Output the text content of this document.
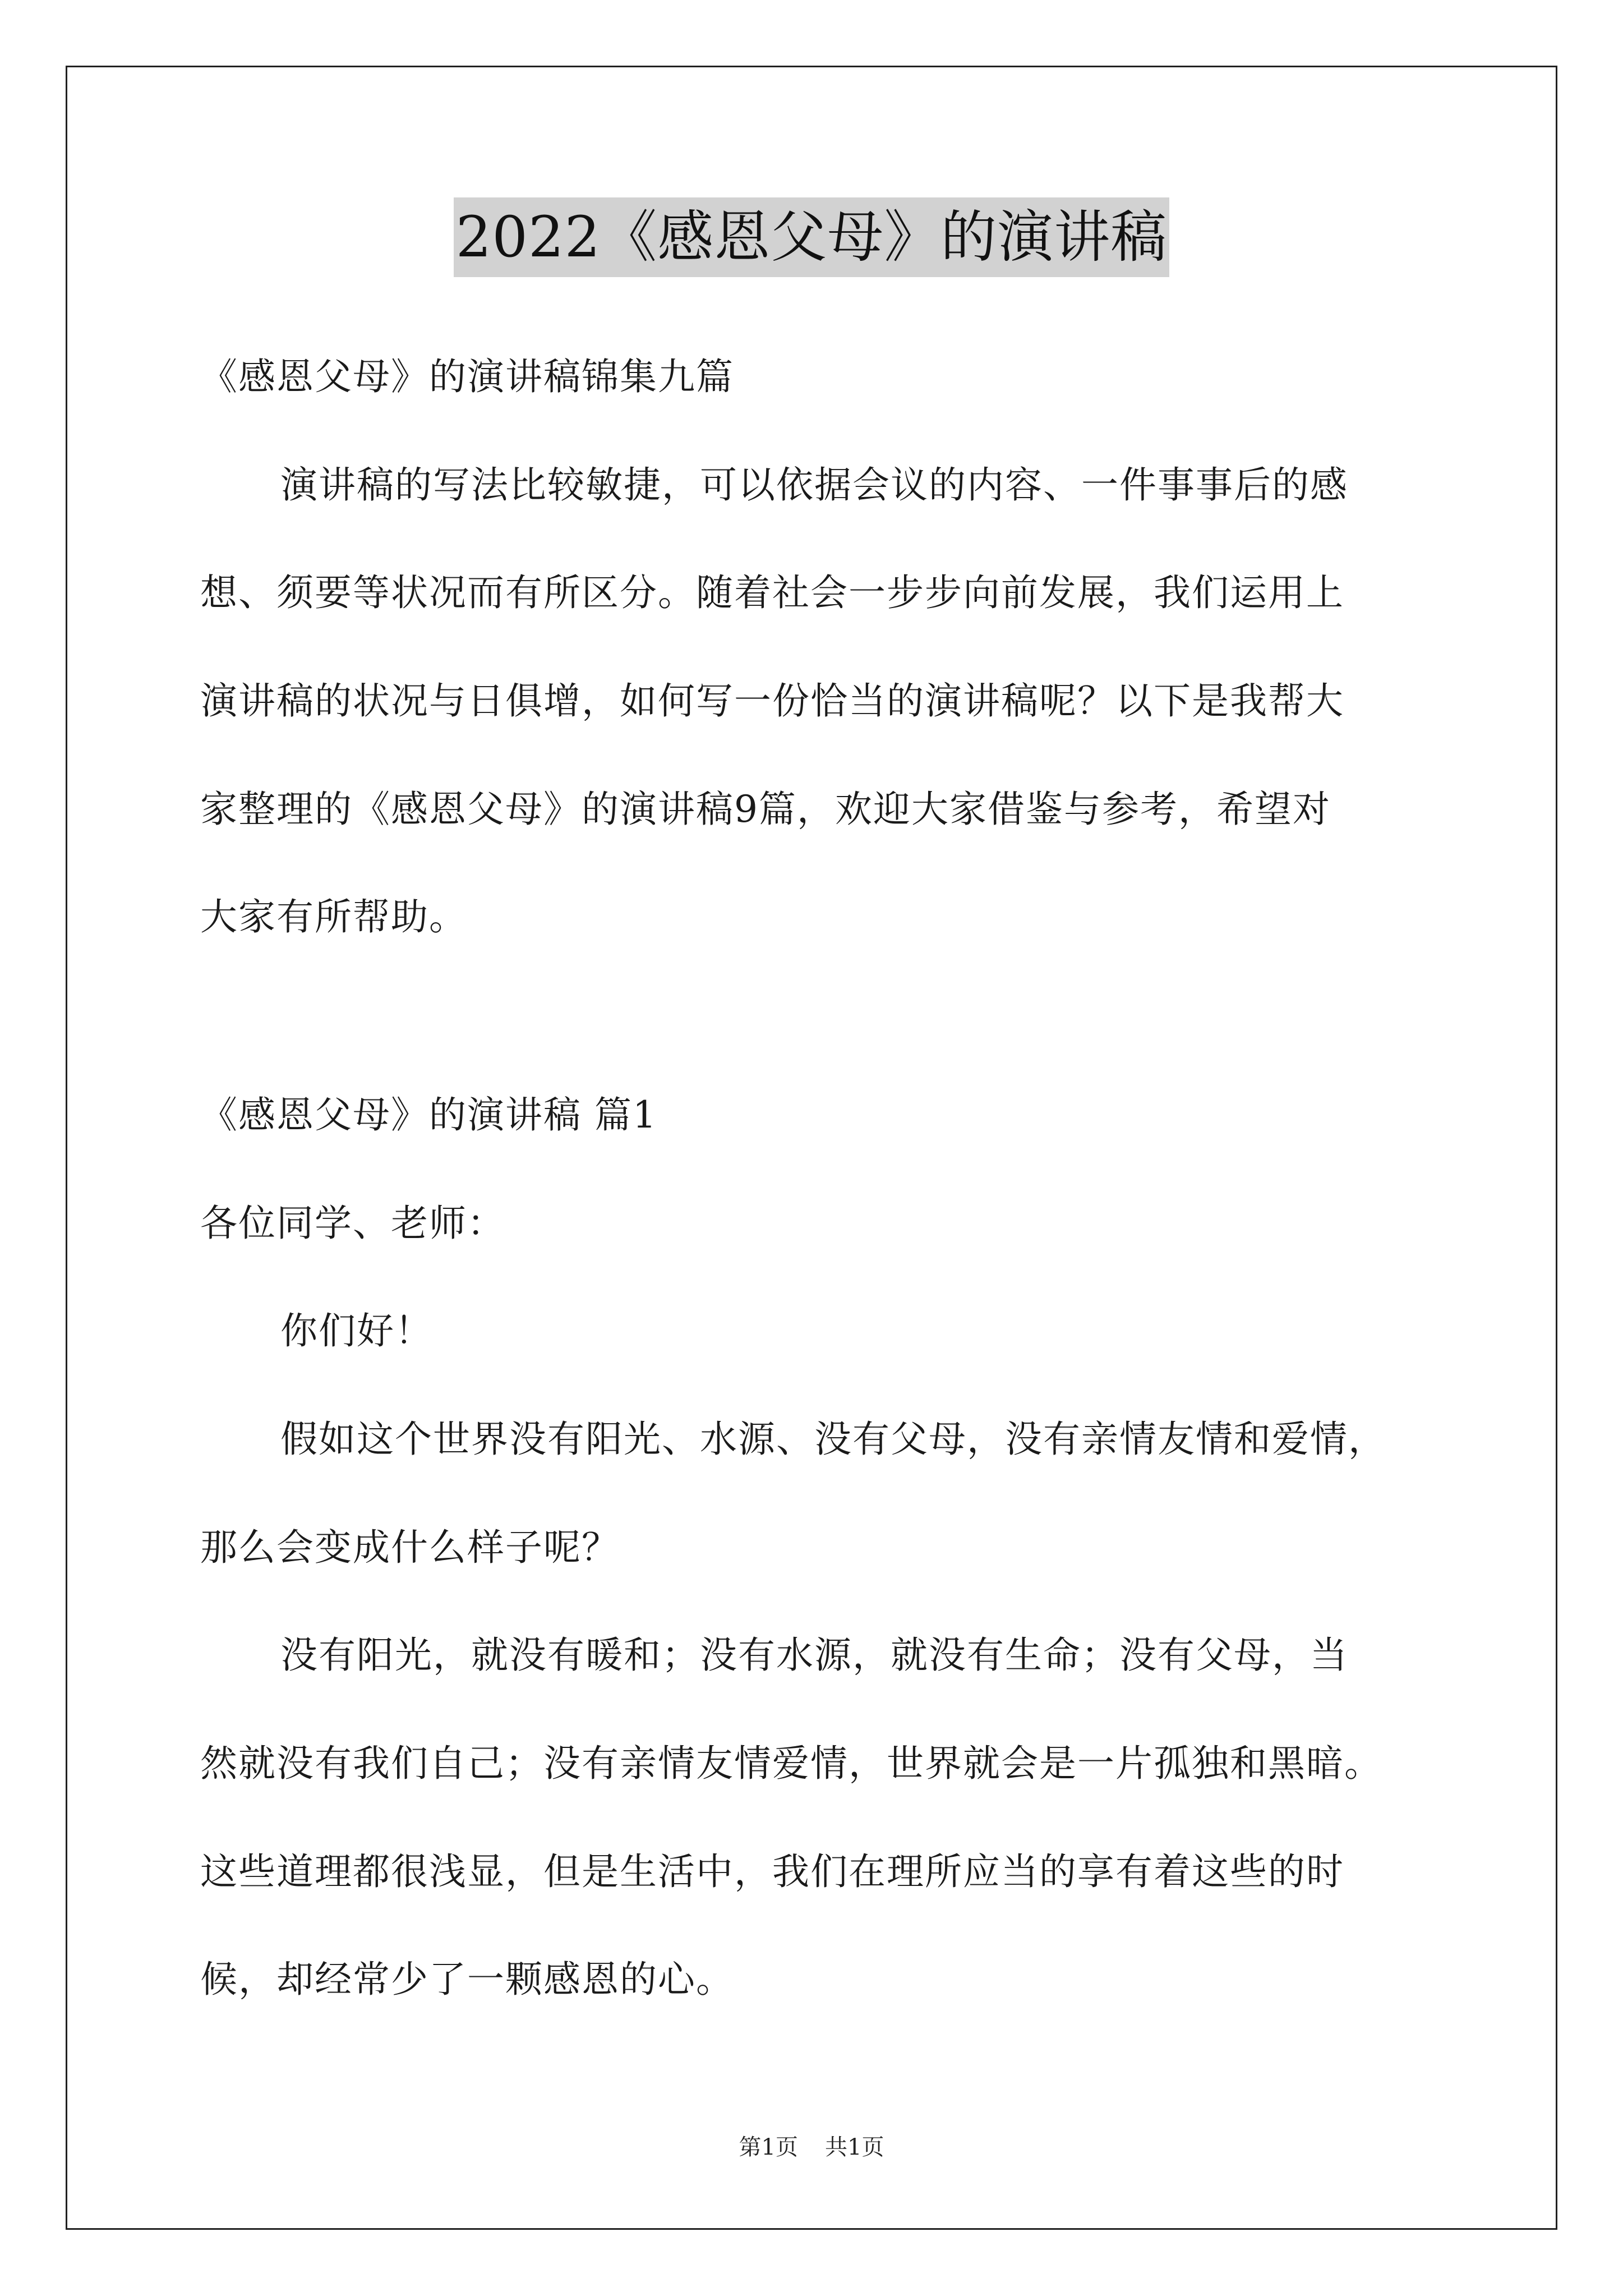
2022《感恩父母》的演讲稿
《感恩父母》的演讲稿锦集九篇
演讲稿的写法比较敏捷，可以依据会议的内容、一件事事后的感
想、须要等状况而有所区分。随着社会一步步向前发展，我们运用上
演讲稿的状况与日俱增，如何写一份恰当的演讲稿呢？以下是我帮大
家整理的《感恩父母》的演讲稿9篇，欢迎大家借鉴与参考，希望对
大家有所帮助。
《感恩父母》的演讲稿 篇1
各位同学、老师：
你们好！
假如这个世界没有阳光、水源、没有父母，没有亲情友情和爱情，
那么会变成什么样子呢？
没有阳光，就没有暖和；没有水源，就没有生命；没有父母，当
然就没有我们自己；没有亲情友情爱情，世界就会是一片孤独和黑暗。
这些道理都很浅显，但是生活中，我们在理所应当的享有着这些的时
候，却经常少了一颗感恩的心。
第1页 共1页
